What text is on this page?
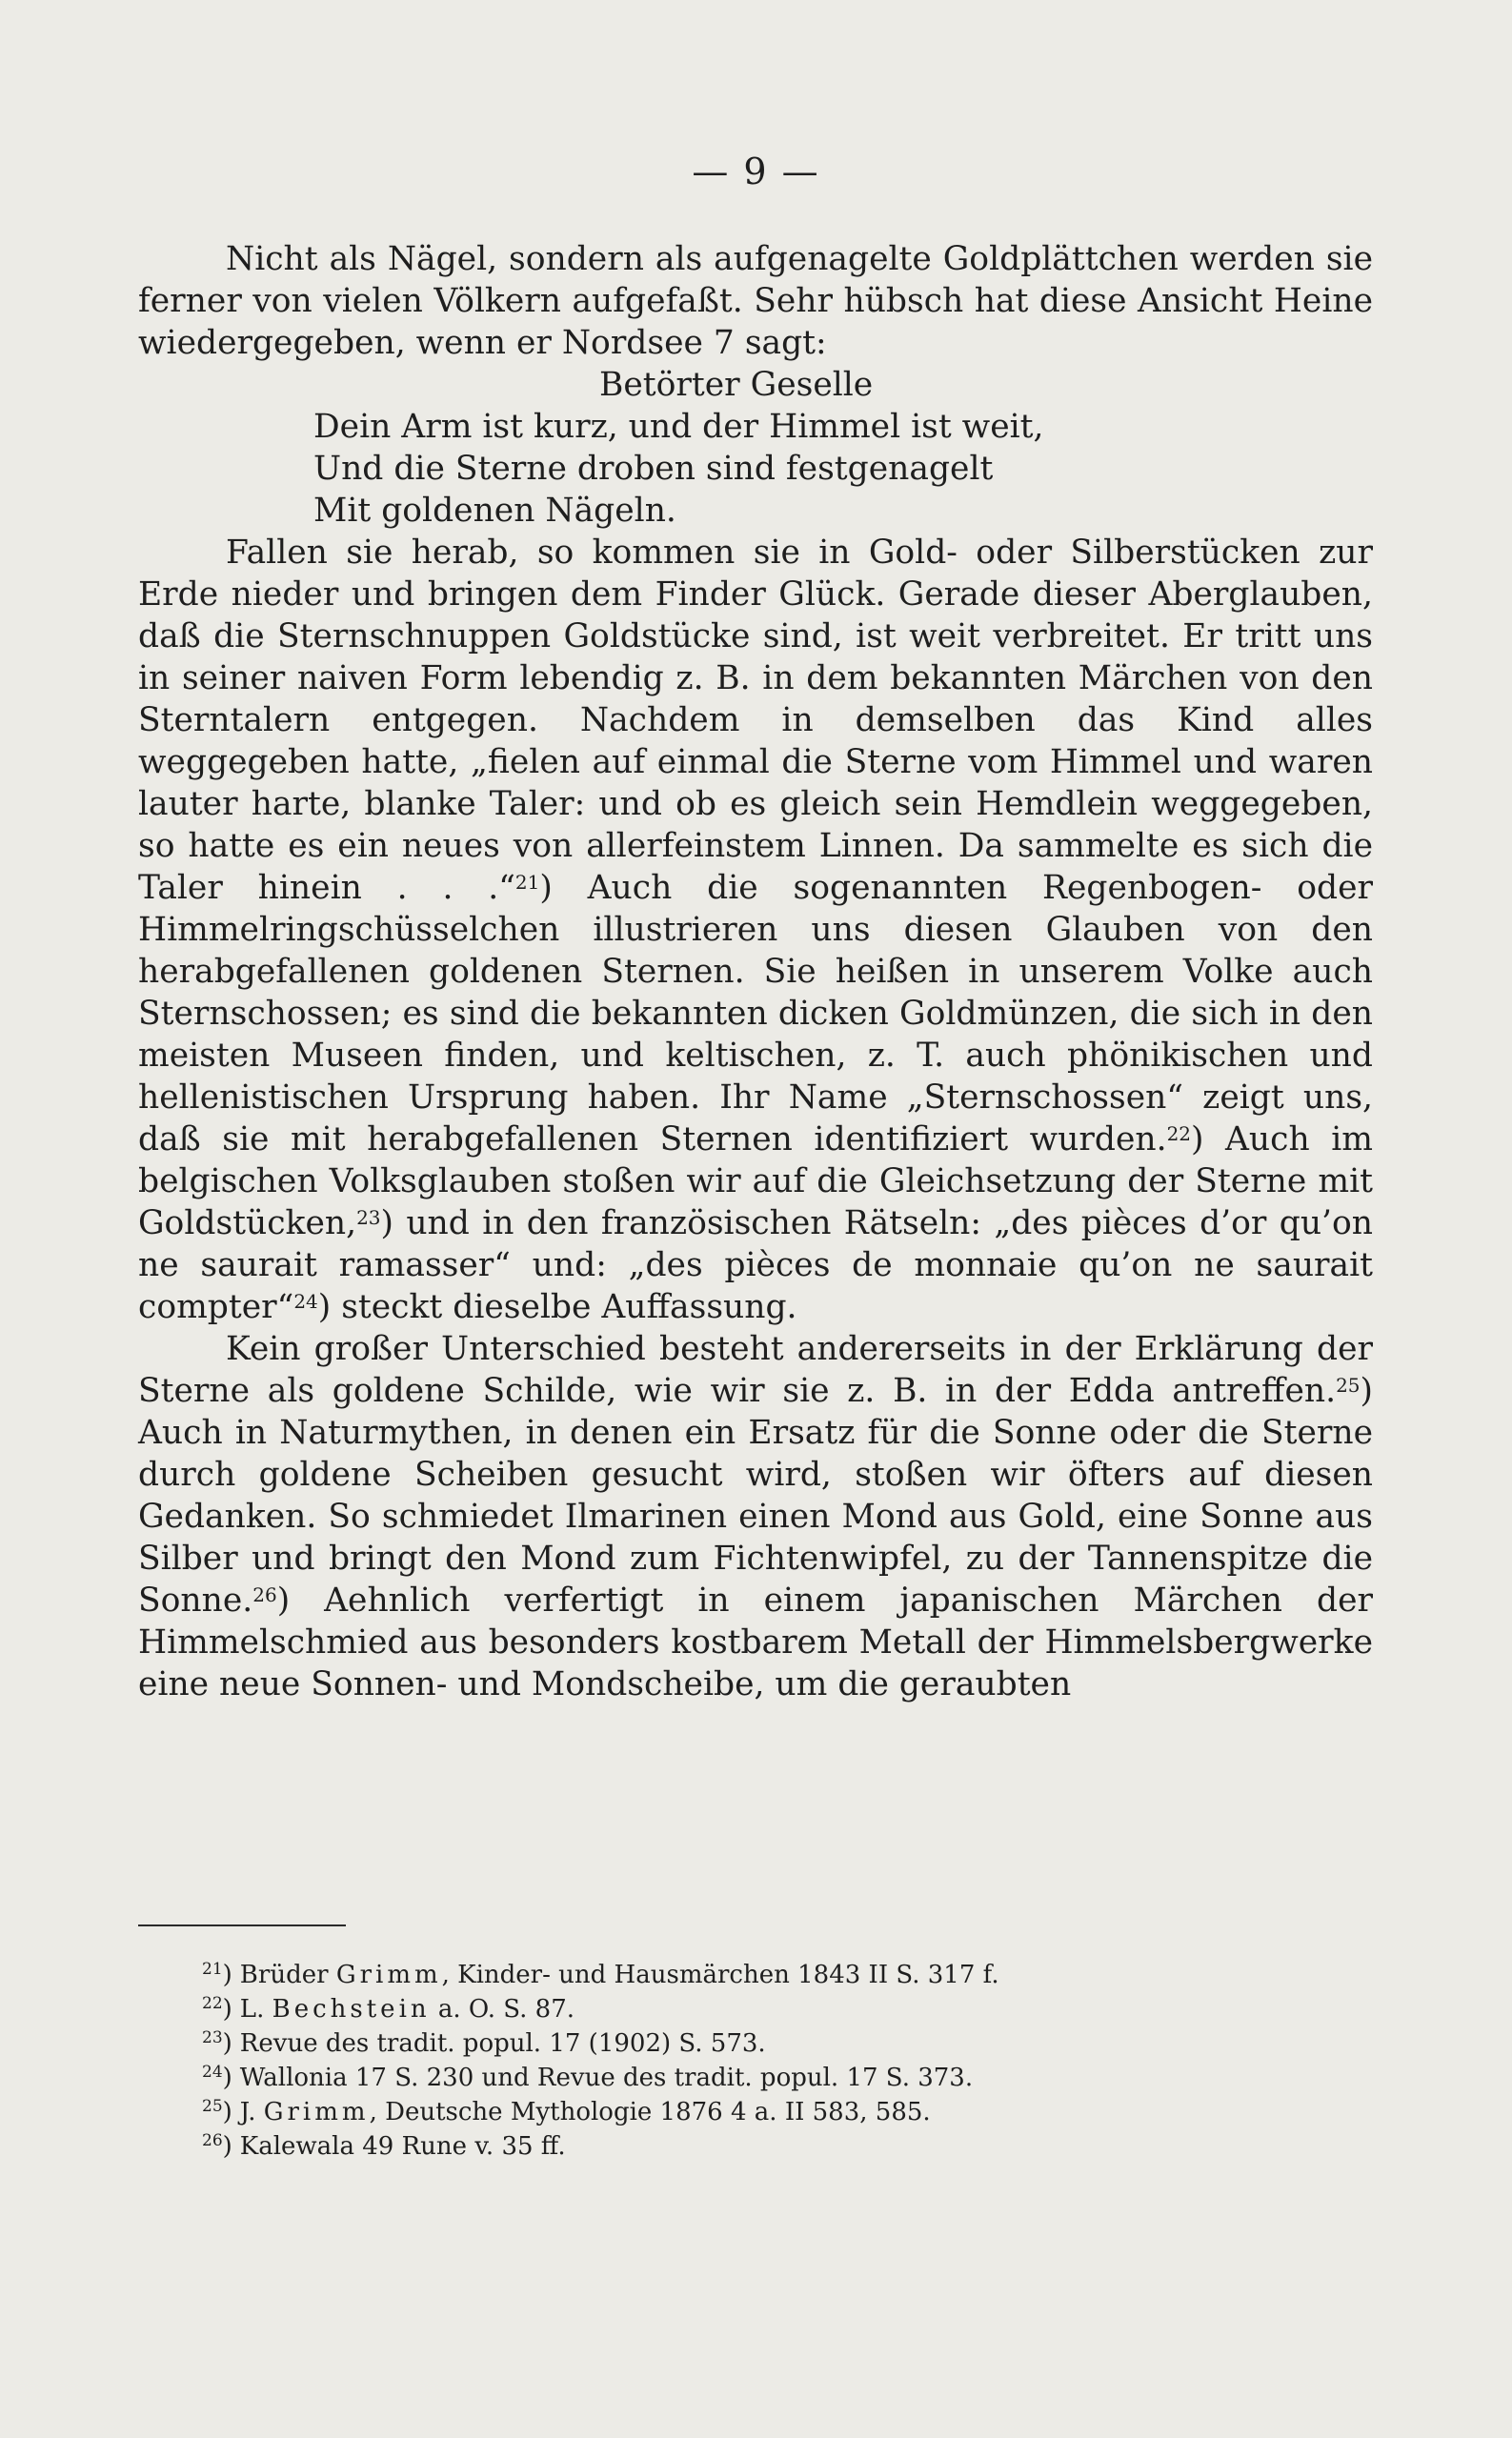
— 9 —

Nicht als Nägel, sondern als aufgenagelte Goldplättchen werden sie ferner von vielen Völkern aufgefaßt. Sehr hübsch hat diese Ansicht Heine wiedergegeben, wenn er Nordsee 7 sagt:

Betörter Geselle
Dein Arm ist kurz, und der Himmel ist weit,
Und die Sterne droben sind festgenagelt
Mit goldenen Nägeln.

Fallen sie herab, so kommen sie in Gold- oder Silberstücken zur Erde nieder und bringen dem Finder Glück. Gerade dieser Aberglauben, daß die Sternschnuppen Goldstücke sind, ist weit verbreitet. Er tritt uns in seiner naiven Form lebendig z. B. in dem bekannten Märchen von den Sterntalern entgegen. Nachdem in demselben das Kind alles weggegeben hatte, „fielen auf einmal die Sterne vom Himmel und waren lauter harte, blanke Taler: und ob es gleich sein Hemdlein weggegeben, so hatte es ein neues von allerfeinstem Linnen. Da sammelte es sich die Taler hinein . . .“$^{21}$) Auch die sogenannten Regenbogen- oder Himmelringschüsselchen illustrieren uns diesen Glauben von den herabgefallenen goldenen Sternen. Sie heißen in unserem Volke auch Sternschossen; es sind die bekannten dicken Goldmünzen, die sich in den meisten Museen finden, und keltischen, z. T. auch phönikischen und hellenistischen Ursprung haben. Ihr Name „Sternschossen“ zeigt uns, daß sie mit herabgefallenen Sternen identifiziert wurden.$^{22}$) Auch im belgischen Volksglauben stoßen wir auf die Gleichsetzung der Sterne mit Goldstücken,$^{23}$) und in den französischen Rätseln: „des pièces d’or qu’on ne saurait ramasser“ und: „des pièces de monnaie qu’on ne saurait compter“$^{24}$) steckt dieselbe Auffassung.

Kein großer Unterschied besteht andererseits in der Erklärung der Sterne als goldene Schilde, wie wir sie z. B. in der Edda antreffen.$^{25}$) Auch in Naturmythen, in denen ein Ersatz für die Sonne oder die Sterne durch goldene Scheiben gesucht wird, stoßen wir öfters auf diesen Gedanken. So schmiedet Ilmarinen einen Mond aus Gold, eine Sonne aus Silber und bringt den Mond zum Fichtenwipfel, zu der Tannenspitze die Sonne.$^{26}$) Aehnlich verfertigt in einem japanischen Märchen der Himmelschmied aus besonders kostbarem Metall der Himmelsbergwerke eine neue Sonnen- und Mondscheibe, um die geraubten

$^{21}$) Brüder Grimm, Kinder- und Hausmärchen 1843 II S. 317 f.
$^{22}$) L. Bechstein a. O. S. 87.
$^{23}$) Revue des tradit. popul. 17 (1902) S. 573.
$^{24}$) Wallonia 17 S. 230 und Revue des tradit. popul. 17 S. 373.
$^{25}$) J. Grimm, Deutsche Mythologie 1876 4 a. II 583, 585.
$^{26}$) Kalewala 49 Rune v. 35 ff.
